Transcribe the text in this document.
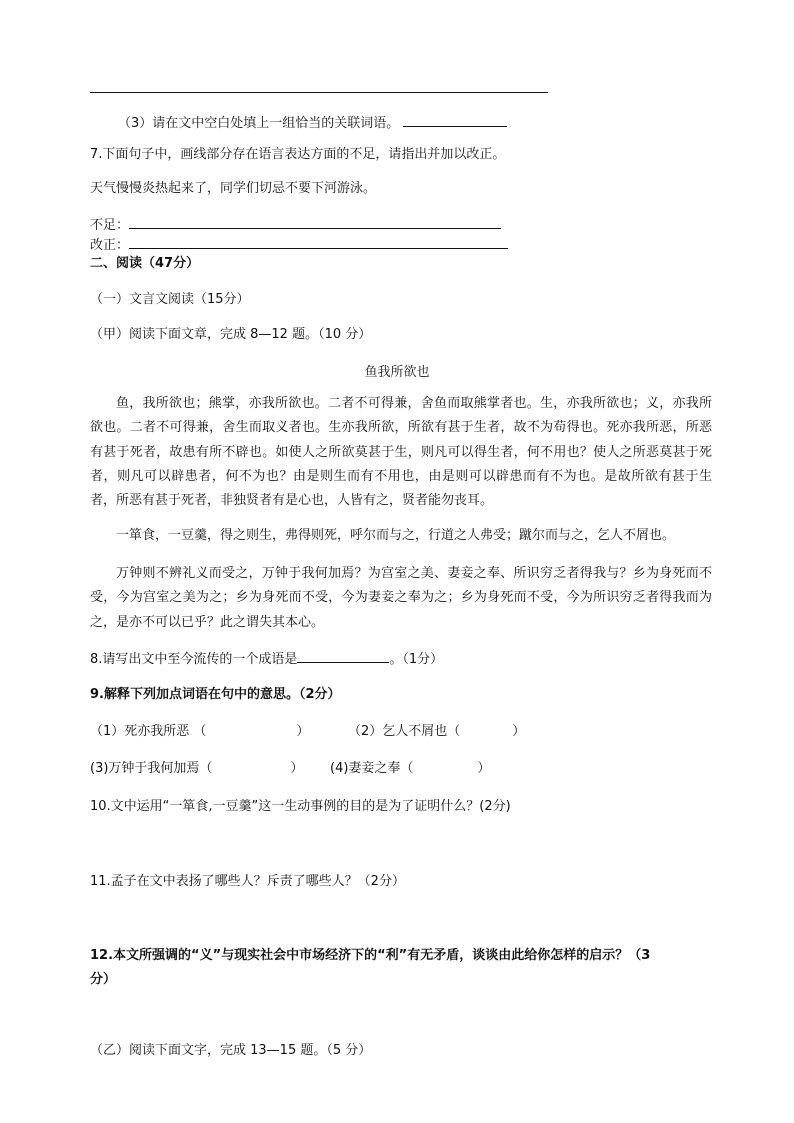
（3）请在文中空白处填上一组恰当的关联词语。
7.下面句子中，画线部分存在语言表达方面的不足，请指出并加以改正。
天气慢慢炎热起来了，同学们切忌不要下河游泳。
不足：
改正：
二、阅读（47分）
（一）文言文阅读（15分）
（甲）阅读下面文章，完成 8—12 题。（10 分）
鱼我所欲也
鱼，我所欲也；熊掌，亦我所欲也。二者不可得兼，舍鱼而取熊掌者也。生，亦我所欲也；义，亦我所欲也。二者不可得兼，舍生而取义者也。生亦我所欲，所欲有甚于生者，故不为苟得也。死亦我所恶，所恶有甚于死者，故患有所不辟也。如使人之所欲莫甚于生，则凡可以得生者，何不用也？使人之所恶莫甚于死者，则凡可以辟患者，何不为也？由是则生而有不用也，由是则可以辟患而有不为也。是故所欲有甚于生者，所恶有甚于死者，非独贤者有是心也，人皆有之，贤者能勿丧耳。
一箪食，一豆羹，得之则生，弗得则死，呼尔而与之，行道之人弗受；蹴尔而与之，乞人不屑也。
万钟则不辨礼义而受之，万钟于我何加焉？为宫室之美、妻妾之奉、所识穷乏者得我与？乡为身死而不受，今为宫室之美为之；乡为身死而不受，今为妻妾之奉为之；乡为身死而不受，今为所识穷乏者得我而为之，是亦不可以已乎？此之谓失其本心。
8.请写出文中至今流传的一个成语是	。（1分）
9.解释下列加点词语在句中的意思。（2分）
（1）死亦我所恶 （	）	（2）乞人不屑也（	）
(3)万钟于我何加焉（	） (4)妻妾之奉（	）
10.文中运用“一箪食,一豆羹”这一生动事例的目的是为了证明什么？(2分)
11.孟子在文中表扬了哪些人？斥责了哪些人？（2分）
12.本文所强调的“义”与现实社会中市场经济下的“利”有无矛盾，谈谈由此给你怎样的启示？（3
分）
（乙）阅读下面文字，完成 13—15 题。（5 分）
